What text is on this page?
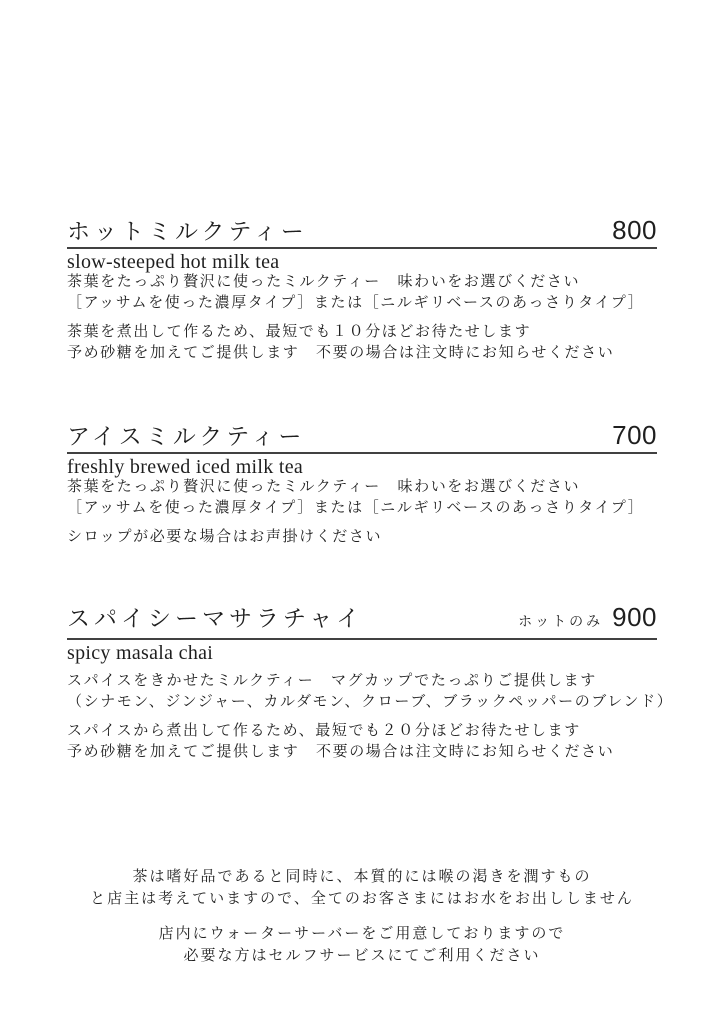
ホットミルクティー	800
slow-steeped hot milk tea
茶葉をたっぷり贅沢に使ったミルクティー　味わいをお選びください
［アッサムを使った濃厚タイプ］または［ニルギリベースのあっさりタイプ］
茶葉を煮出して作るため、最短でも１０分ほどお待たせします
予め砂糖を加えてご提供します　不要の場合は注文時にお知らせください
アイスミルクティー	700
freshly brewed iced milk tea
茶葉をたっぷり贅沢に使ったミルクティー　味わいをお選びください
［アッサムを使った濃厚タイプ］または［ニルギリベースのあっさりタイプ］
シロップが必要な場合はお声掛けください
スパイシーマサラチャイ	ホットのみ 900
spicy masala chai
スパイスをきかせたミルクティー　マグカップでたっぷりご提供します
（シナモン、ジンジャー、カルダモン、クローブ、ブラックペッパーのブレンド）
スパイスから煮出して作るため、最短でも２０分ほどお待たせします
予め砂糖を加えてご提供します　不要の場合は注文時にお知らせください
茶は嗜好品であると同時に、本質的には喉の渇きを潤すもの
と店主は考えていますので、全てのお客さまにはお水をお出ししません
店内にウォーターサーバーをご用意しておりますので
必要な方はセルフサービスにてご利用ください
